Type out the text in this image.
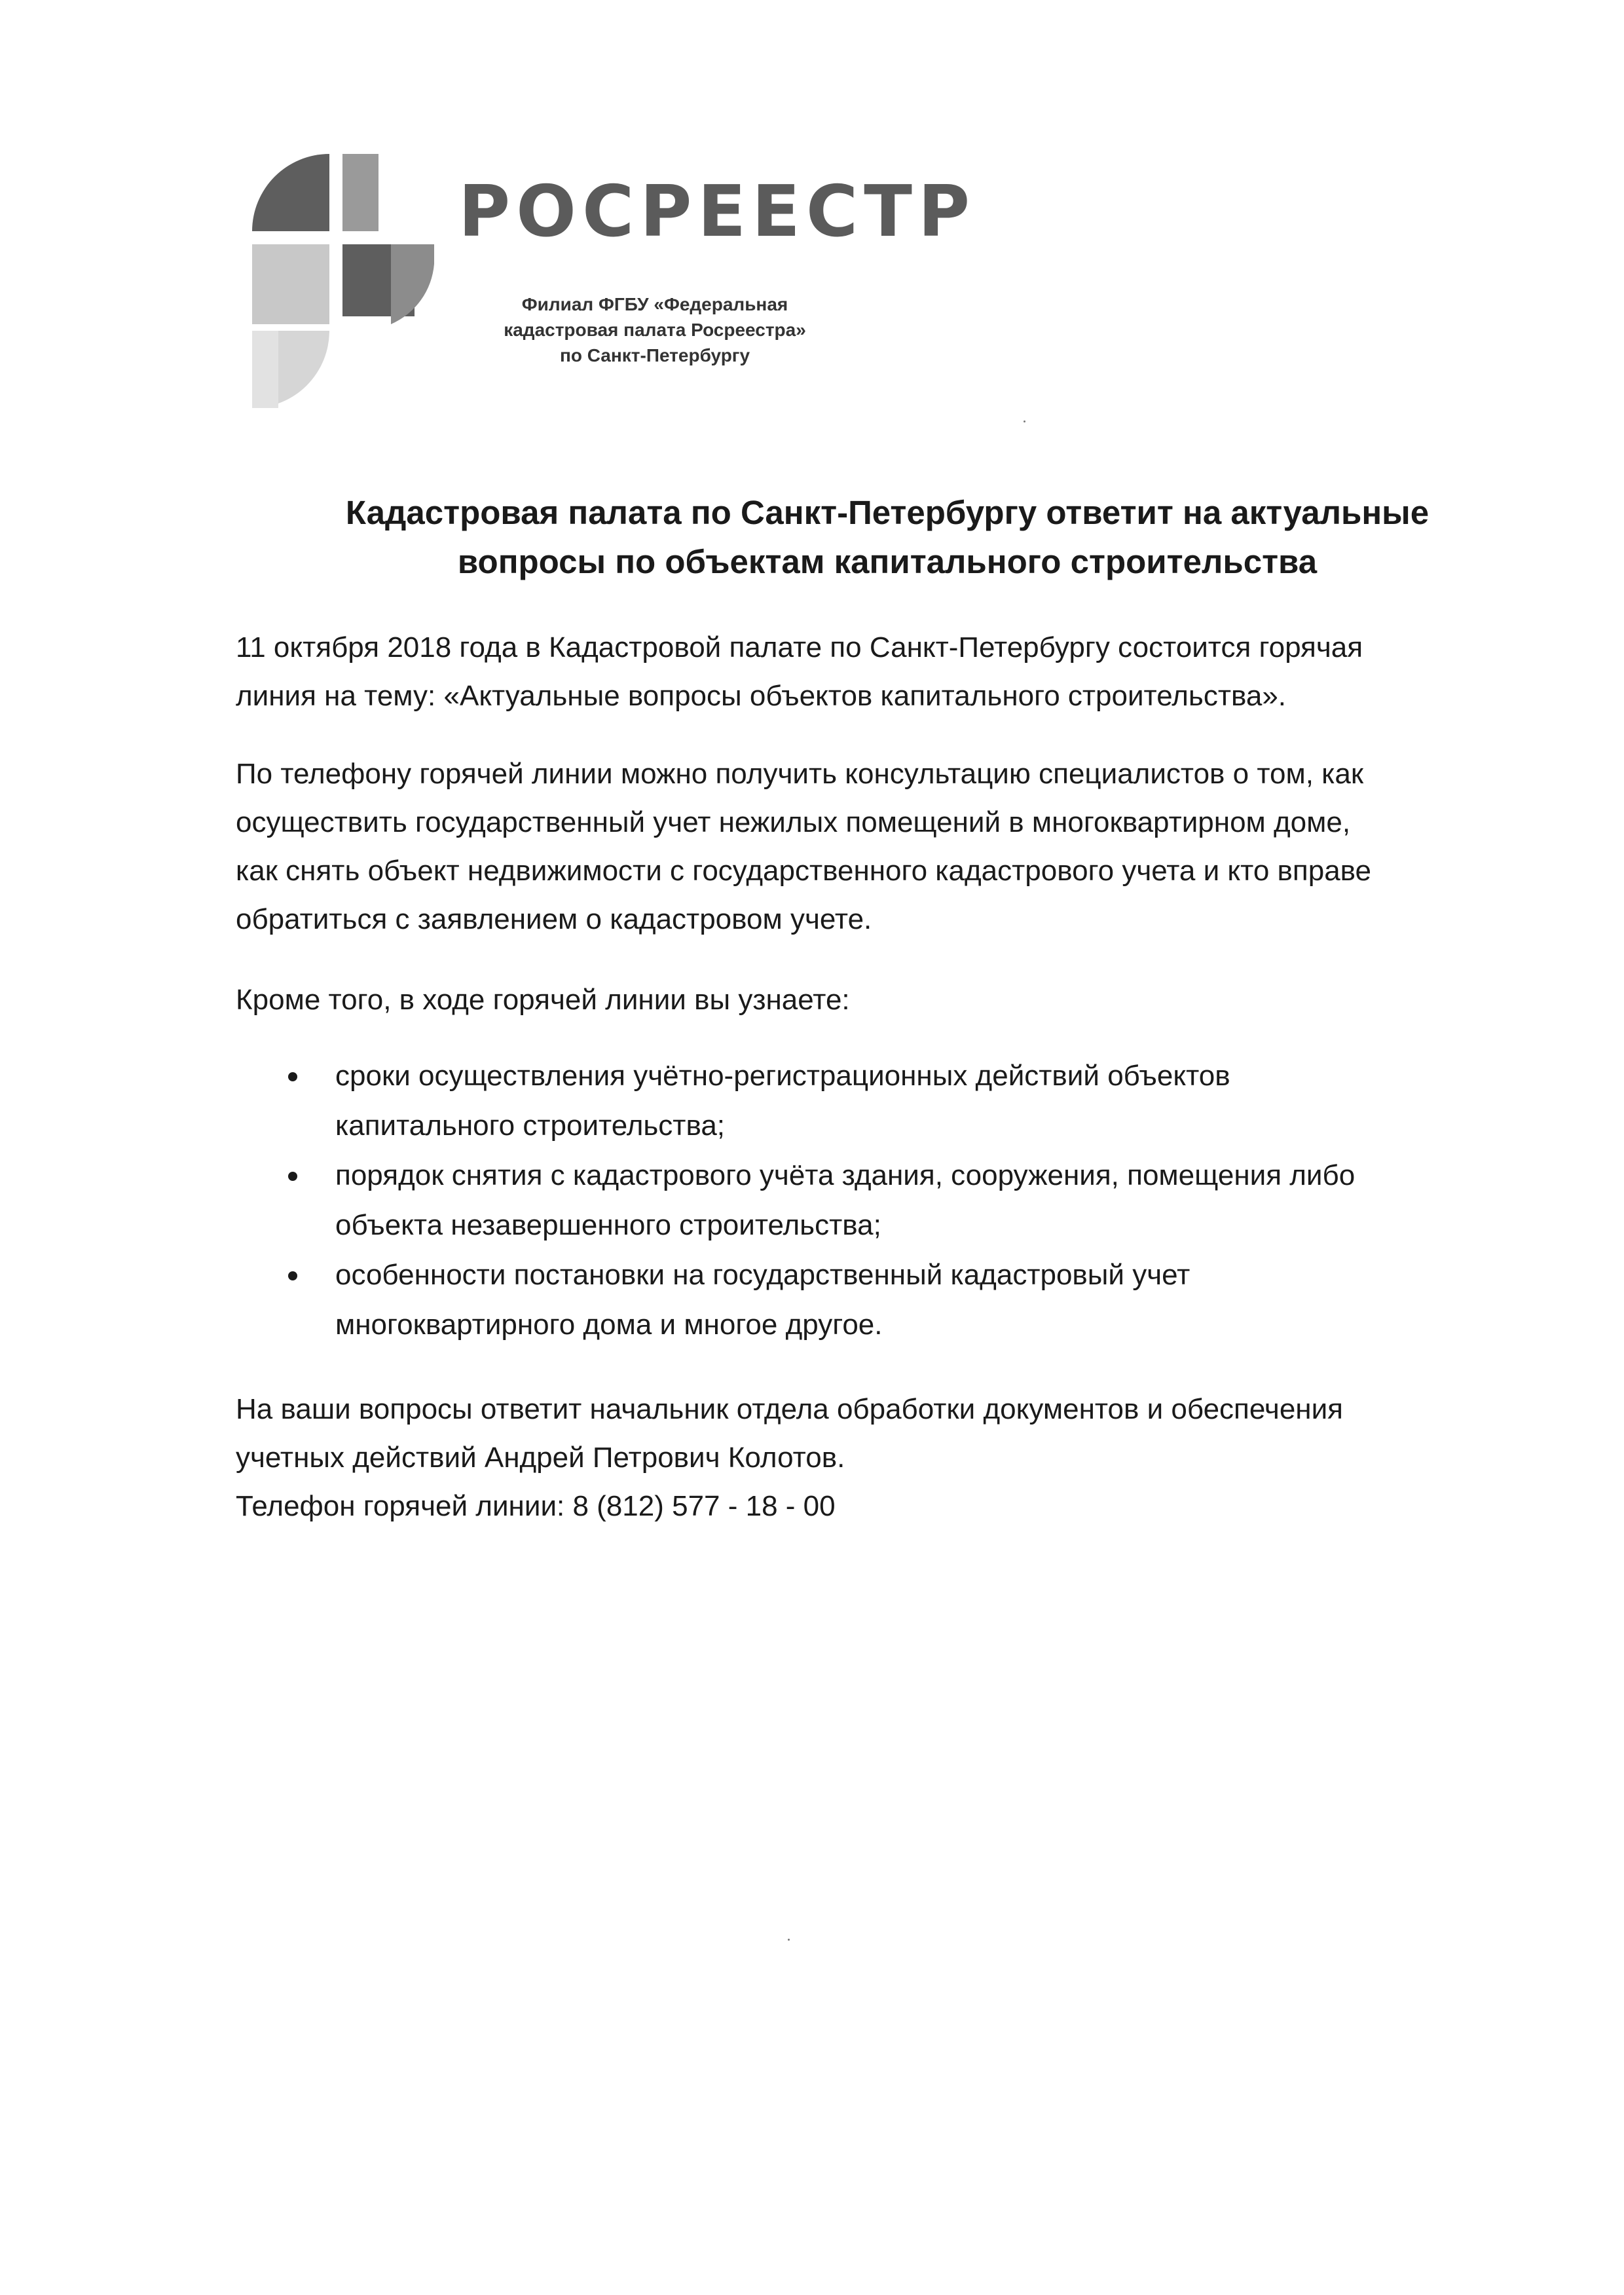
РОСРЕЕСТР
Филиал ФГБУ «Федеральная
кадастровая палата Росреестра»
по Санкт-Петербургу
Кадастровая палата по Санкт-Петербургу ответит на актуальные
вопросы по объектам капитального строительства
11 октября 2018 года в Кадастровой палате по Санкт-Петербургу состоится горячая
линия на тему: «Актуальные вопросы объектов капитального строительства».
По телефону горячей линии можно получить консультацию специалистов о том, как
осуществить государственный учет нежилых помещений в многоквартирном доме,
как снять объект недвижимости с государственного кадастрового учета и кто вправе
обратиться с заявлением о кадастровом учете.
Кроме того, в ходе горячей линии вы узнаете:
сроки осуществления учётно-регистрационных действий объектов
капитального строительства;
порядок снятия с кадастрового учёта здания, сооружения, помещения либо
объекта незавершенного строительства;
особенности постановки на государственный кадастровый учет
многоквартирного дома и многое другое.
На ваши вопросы ответит начальник отдела обработки документов и обеспечения
учетных действий Андрей Петрович Колотов.
Телефон горячей линии: 8 (812) 577 - 18 - 00
